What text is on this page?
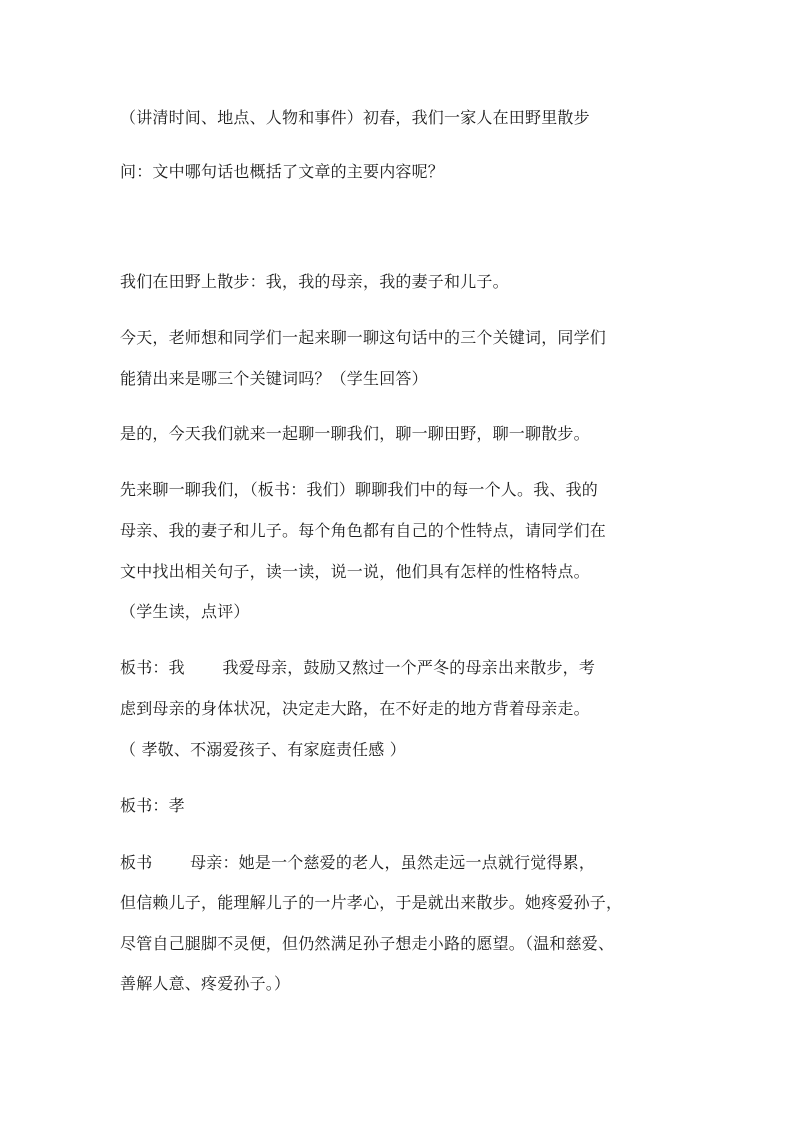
（讲清时间、地点、人物和事件）初春，我们一家人在田野里散步
问：文中哪句话也概括了文章的主要内容呢？
我们在田野上散步：我，我的母亲，我的妻子和儿子。
今天，老师想和同学们一起来聊一聊这句话中的三个关键词，同学们
能猜出来是哪三个关键词吗？（学生回答）
是的，今天我们就来一起聊一聊我们，聊一聊田野，聊一聊散步。
先来聊一聊我们，（板书：我们）聊聊我们中的每一个人。我、我的
母亲、我的妻子和儿子。每个角色都有自己的个性特点，请同学们在
文中找出相关句子，读一读，说一说，他们具有怎样的性格特点。
（学生读，点评）
板书：我　　 我爱母亲，鼓励又熬过一个严冬的母亲出来散步，考
虑到母亲的身体状况，决定走大路，在不好走的地方背着母亲走。
（ 孝敬、不溺爱孩子、有家庭责任感 ）
板书：孝
板书　　 母亲：她是一个慈爱的老人，虽然走远一点就行觉得累，
但信赖儿子，能理解儿子的一片孝心，于是就出来散步。她疼爱孙子，
尽管自己腿脚不灵便，但仍然满足孙子想走小路的愿望。（温和慈爱、
善解人意、疼爱孙子。）
